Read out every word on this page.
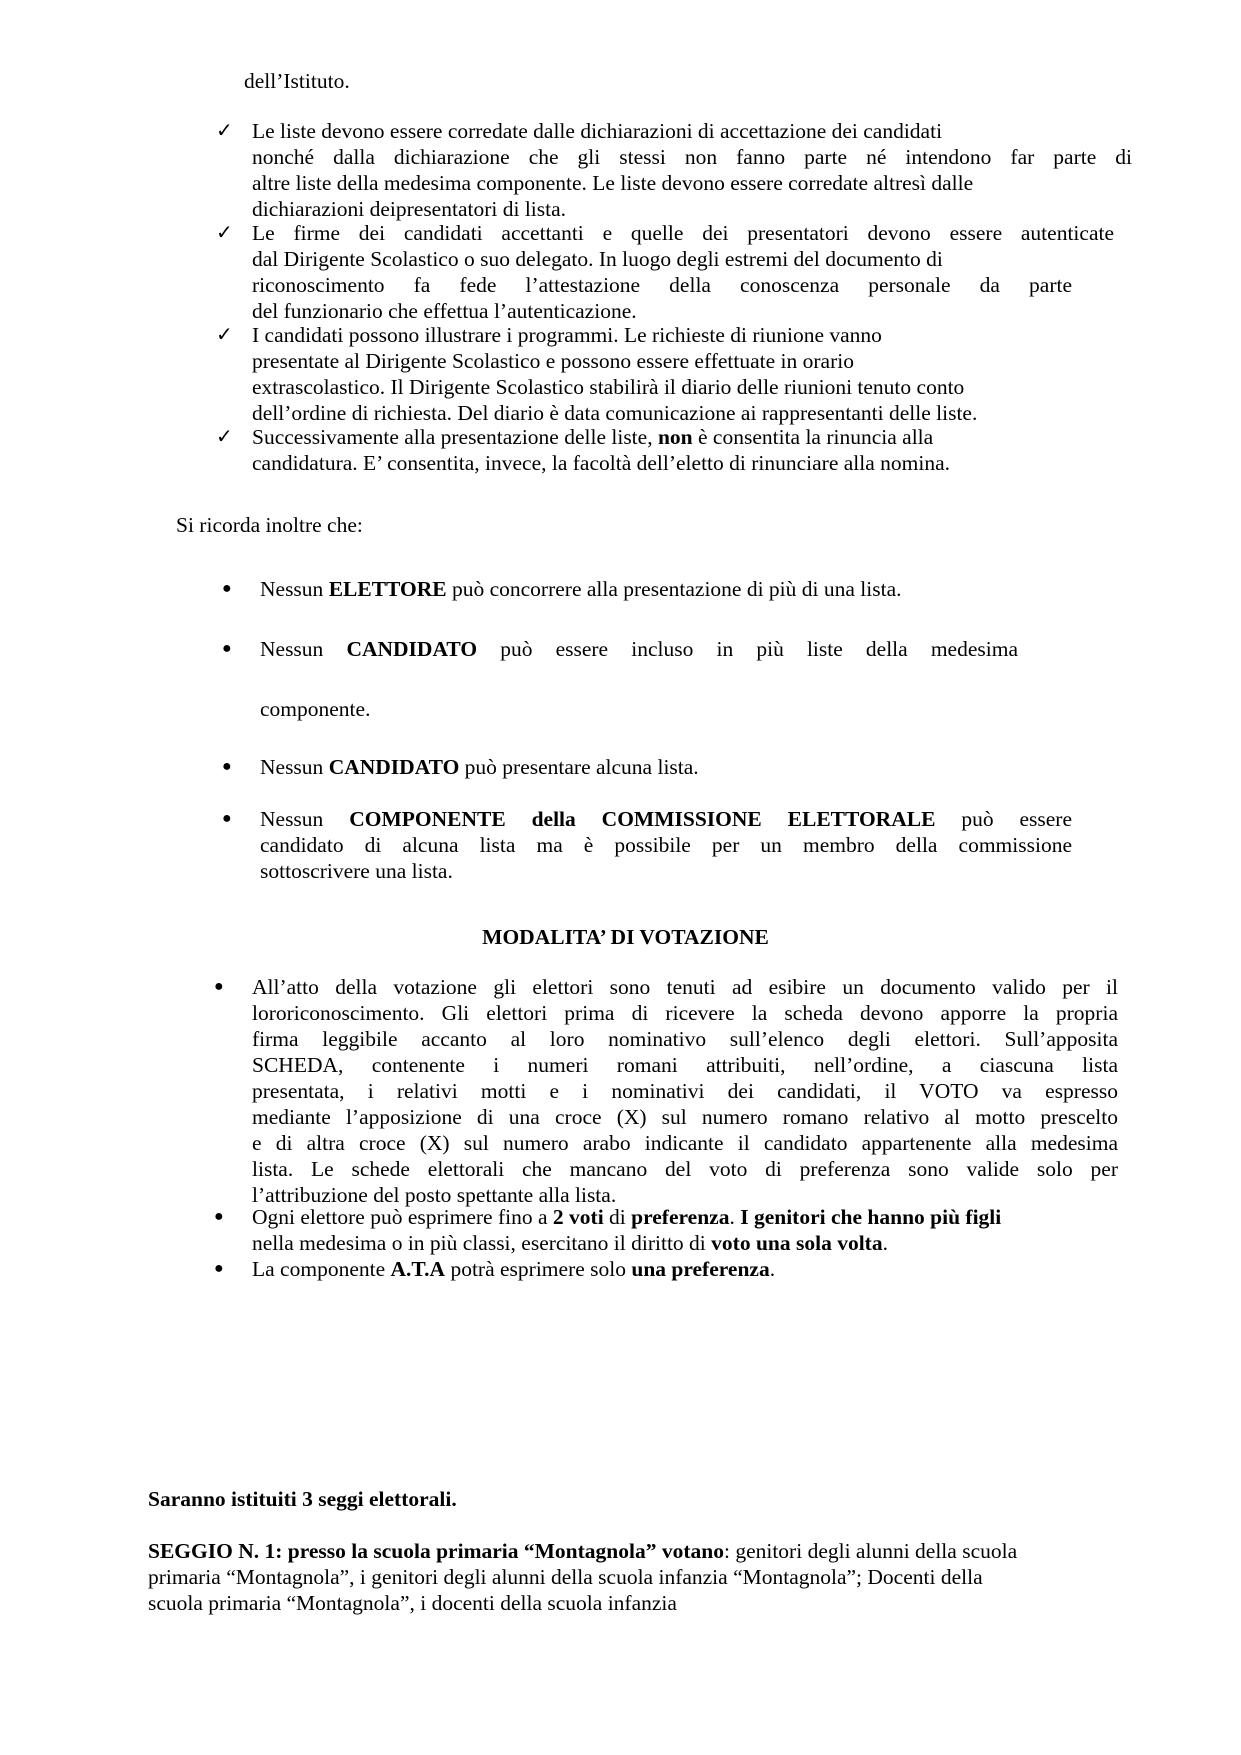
dell’Istituto.
✓ Le liste devono essere corredate dalle dichiarazioni di accettazione dei candidati
nonché dalla dichiarazione che gli stessi non fanno parte né intendono far parte di
altre liste della medesima componente. Le liste devono essere corredate altresì dalle
dichiarazioni deipresentatori di lista.
✓ Le firme dei candidati accettanti e quelle dei presentatori devono essere autenticate
dal Dirigente Scolastico o suo delegato. In luogo degli estremi del documento di
riconoscimento fa fede l’attestazione della conoscenza personale da parte
del funzionario che effettua l’autenticazione.
✓ I candidati possono illustrare i programmi. Le richieste di riunione vanno
presentate al Dirigente Scolastico e possono essere effettuate in orario
extrascolastico. Il Dirigente Scolastico stabilirà il diario delle riunioni tenuto conto
dell’ordine di richiesta. Del diario è data comunicazione ai rappresentanti delle liste.
✓ Successivamente alla presentazione delle liste, non è consentita la rinuncia alla
candidatura. E’ consentita, invece, la facoltà dell’eletto di rinunciare alla nomina.
Si ricorda inoltre che:
● Nessun ELETTORE può concorrere alla presentazione di più di una lista.
● Nessun CANDIDATO può essere incluso in più liste della medesima
componente.
● Nessun CANDIDATO può presentare alcuna lista.
● Nessun COMPONENTE della COMMISSIONE ELETTORALE può essere
candidato di alcuna lista ma è possibile per un membro della commissione
sottoscrivere una lista.
MODALITA’ DI VOTAZIONE
● All’atto della votazione gli elettori sono tenuti ad esibire un documento valido per il
lororiconoscimento. Gli elettori prima di ricevere la scheda devono apporre la propria
firma leggibile accanto al loro nominativo sull’elenco degli elettori. Sull’apposita
SCHEDA, contenente i numeri romani attribuiti, nell’ordine, a ciascuna lista
presentata, i relativi motti e i nominativi dei candidati, il VOTO va espresso
mediante l’apposizione di una croce (X) sul numero romano relativo al motto prescelto
e di altra croce (X) sul numero arabo indicante il candidato appartenente alla medesima
lista. Le schede elettorali che mancano del voto di preferenza sono valide solo per
l’attribuzione del posto spettante alla lista.
● Ogni elettore può esprimere fino a 2 voti di preferenza. I genitori che hanno più figli
nella medesima o in più classi, esercitano il diritto di voto una sola volta.
● La componente A.T.A potrà esprimere solo una preferenza.
Saranno istituiti 3 seggi elettorali.
SEGGIO N. 1: presso la scuola primaria “Montagnola” votano: genitori degli alunni della scuola
primaria “Montagnola”, i genitori degli alunni della scuola infanzia “Montagnola”; Docenti della
scuola primaria “Montagnola”, i docenti della scuola infanzia
